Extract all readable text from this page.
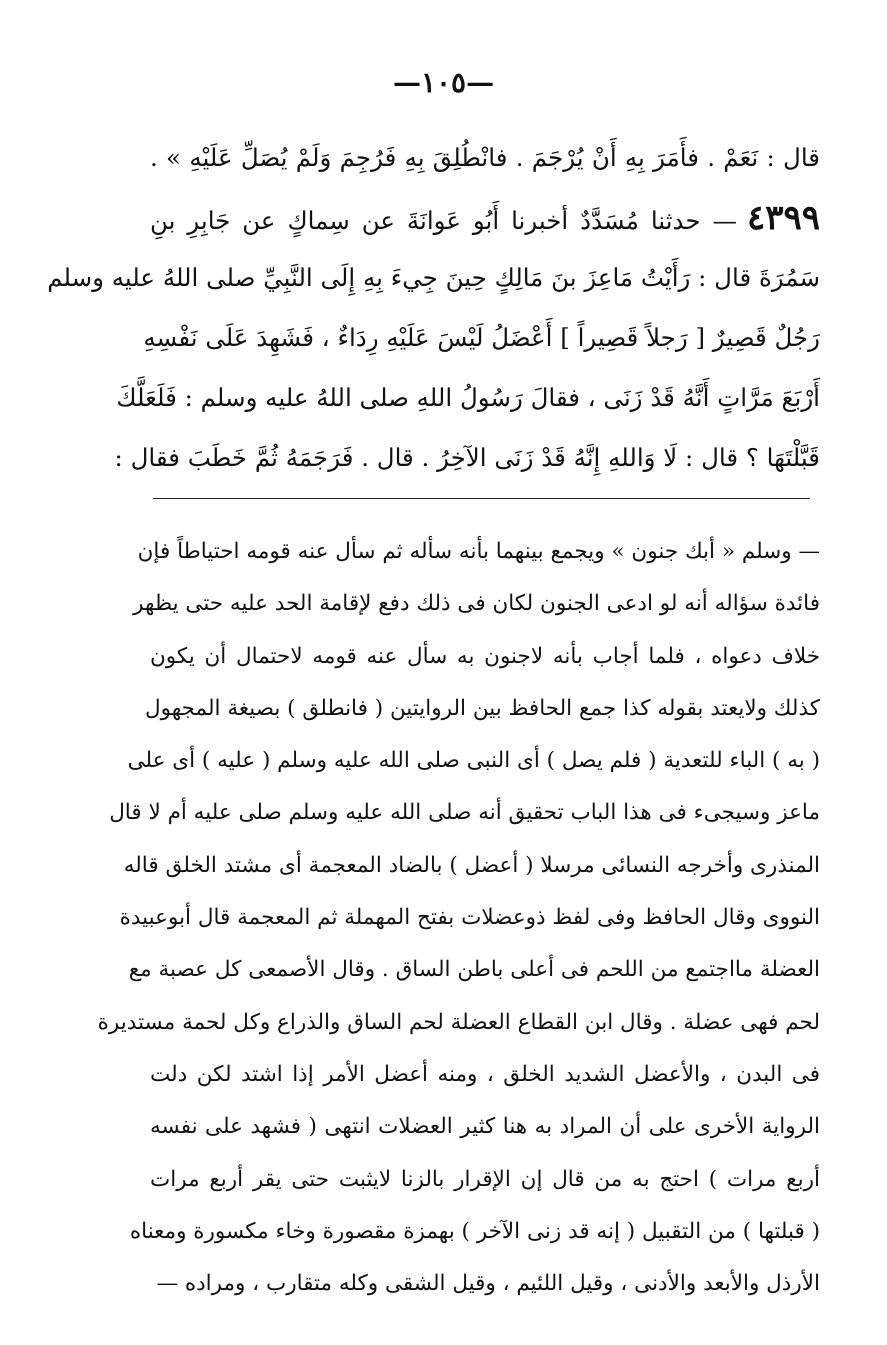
—١٠٥—
قال : نَعَمْ . فأَمَرَ بِهِ أَنْ يُرْجَمَ . فانْطُلِقَ بِهِ فَرُجِمَ وَلَمْ يُصَلِّ عَلَيْهِ » .
٤٣٩٩— حدثنا مُسَدَّدٌ أخبرنا أَبُو عَوانَةَ عن سِماكٍ عن جَابِرِ بنِ
سَمُرَةَ قال : رَأَيْتُ مَاعِزَ بنَ مَالِكٍ حِينَ جِيءَ بِهِ إِلَى النَّبِيِّ صلى اللهُ عليه وسلم
رَجُلٌ قَصِيرٌ [ رَجلاً قَصِيراً ] أَعْضَلُ لَيْسَ عَلَيْهِ رِدَاءٌ ، فَشَهِدَ عَلَى نَفْسِهِ
أَرْبَعَ مَرَّاتٍ أَنَّهُ قَدْ زَنَى ، فقالَ رَسُولُ اللهِ صلى اللهُ عليه وسلم : فَلَعَلَّكَ
قَبَّلْتَهَا ؟ قال : لَا وَاللهِ إِنَّهُ قَدْ زَنَى الآخِرُ . قال . فَرَجَمَهُ ثُمَّ خَطَبَ فقال :
— وسلم « أبك جنون » ويجمع بينهما بأنه سأله ثم سأل عنه قومه احتياطاً فإن
فائدة سؤاله أنه لو ادعى الجنون لكان فى ذلك دفع لإقامة الحد عليه حتى يظهر
خلاف دعواه ، فلما أجاب بأنه لاجنون به سأل عنه قومه لاحتمال أن يكون
كذلك ولايعتد بقوله كذا جمع الحافظ بين الروايتين ( فانطلق ) بصيغة المجهول
( به ) الباء للتعدية ( فلم يصل ) أى النبى صلى الله عليه وسلم ( عليه ) أى على
ماعز وسيجىء فى هذا الباب تحقيق أنه صلى الله عليه وسلم صلى عليه أم لا قال
المنذرى وأخرجه النسائى مرسلا ( أعضل ) بالضاد المعجمة أى مشتد الخلق قاله
النووى وقال الحافظ وفى لفظ ذوعضلات بفتح المهملة ثم المعجمة قال أبوعبيدة
العضلة مااجتمع من اللحم فى أعلى باطن الساق . وقال الأصمعى كل عصبة مع
لحم فهى عضلة . وقال ابن القطاع العضلة لحم الساق والذراع وكل لحمة مستديرة
فى البدن ، والأعضل الشديد الخلق ، ومنه أعضل الأمر إذا اشتد لكن دلت
الرواية الأخرى على أن المراد به هنا كثير العضلات انتهى ( فشهد على نفسه
أربع مرات ) احتج به من قال إن الإقرار بالزنا لايثبت حتى يقر أربع مرات
( قبلتها ) من التقبيل ( إنه قد زنى الآخر ) بهمزة مقصورة وخاء مكسورة ومعناه
الأرذل والأبعد والأدنى ، وقيل اللئيم ، وقيل الشقى وكله متقارب ، ومراده —
